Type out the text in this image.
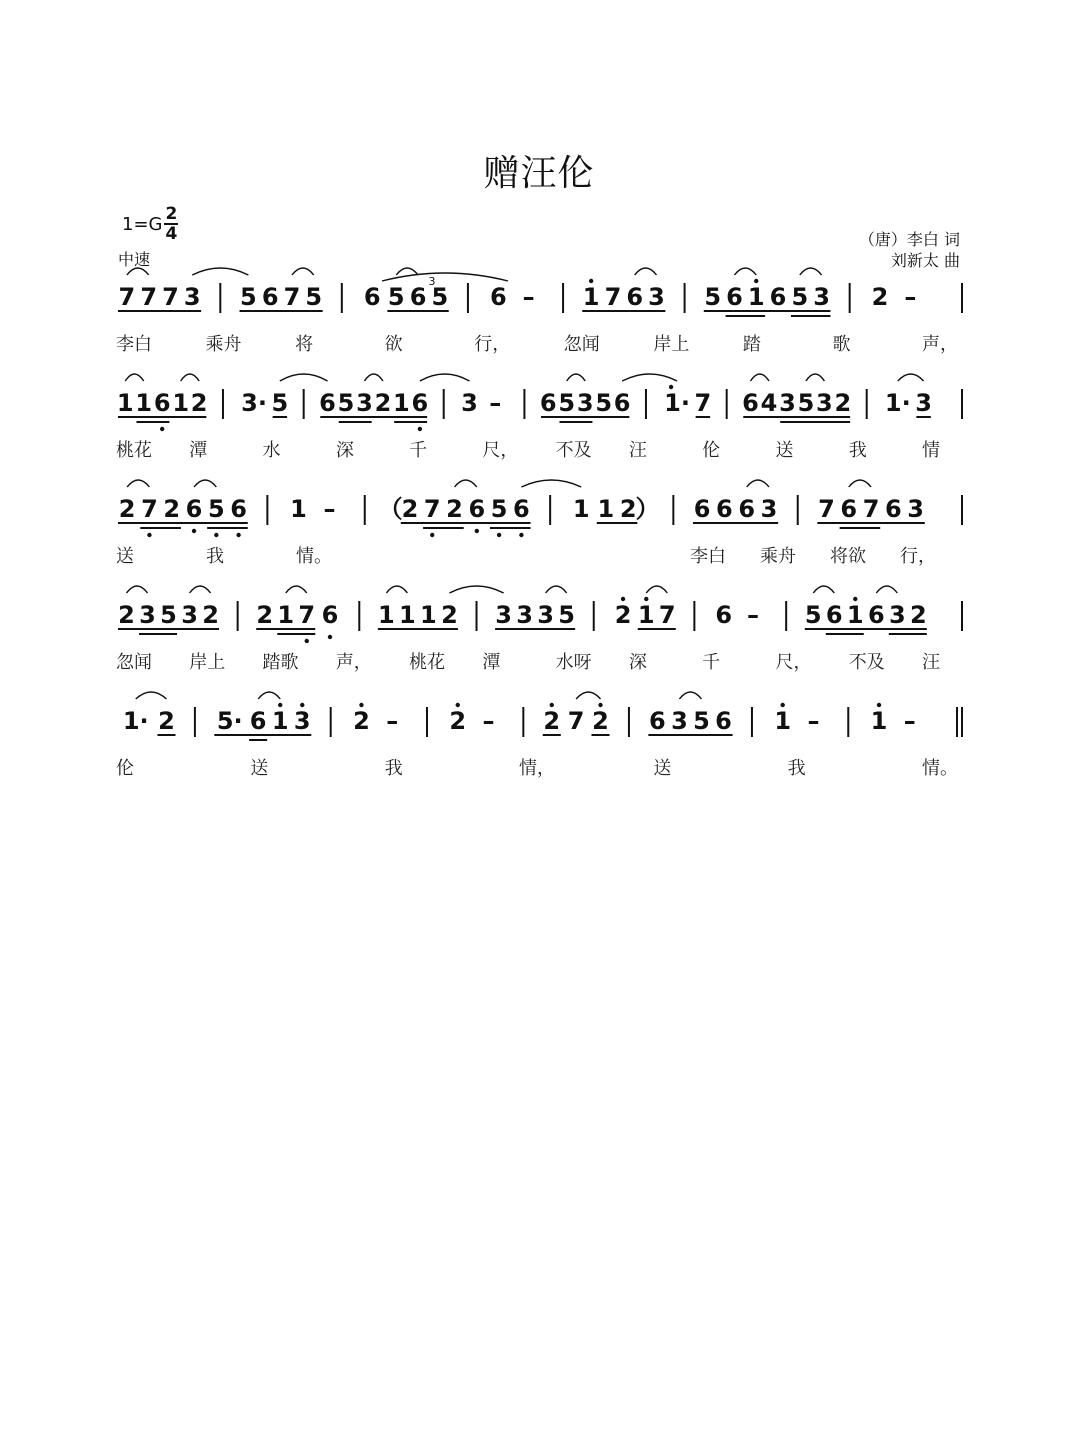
赠汪伦
$1=G \frac{2}{4}$
中速
（唐）李白 词
刘新太 曲
7 7 7 3 5 6 7 5 6 5 6 5 6 – 1 7 6 3 5 6 1 6 5 3 2 –
3
李白	乘舟	将	欲	行，	忽闻	岸上	踏	歌	声，
1 1 6 1 2 3· 5 6 5 3 2 1 6 3 – 6 5 3 5 6 1· 7 6 4 3 5 3 2 1· 3
桃花 潭	水	深	千	尺， 不及 汪	伦	送	我	情
2 7 2 6 5 6 1 – （ 2 7 2 6 5 6 1 1 2 ） 6 6 6 3 7 6 7 6 3
送	我	情。	李白 乘舟 将欲 行，
2 3 5 3 2 2 1 7 6 1 1 1 2 3 3 3 5 2 1 7 6 – 5 6 1 6 3 2
忽闻 岸上 踏歌 声， 桃花 潭	水呀 深	千	尺， 不及 汪
1· 2 5· 6 1 3 2 – 2 – 2 7 2 6 3 5 6 1 – 1 –
伦	送	我	情，	送	我	情。
